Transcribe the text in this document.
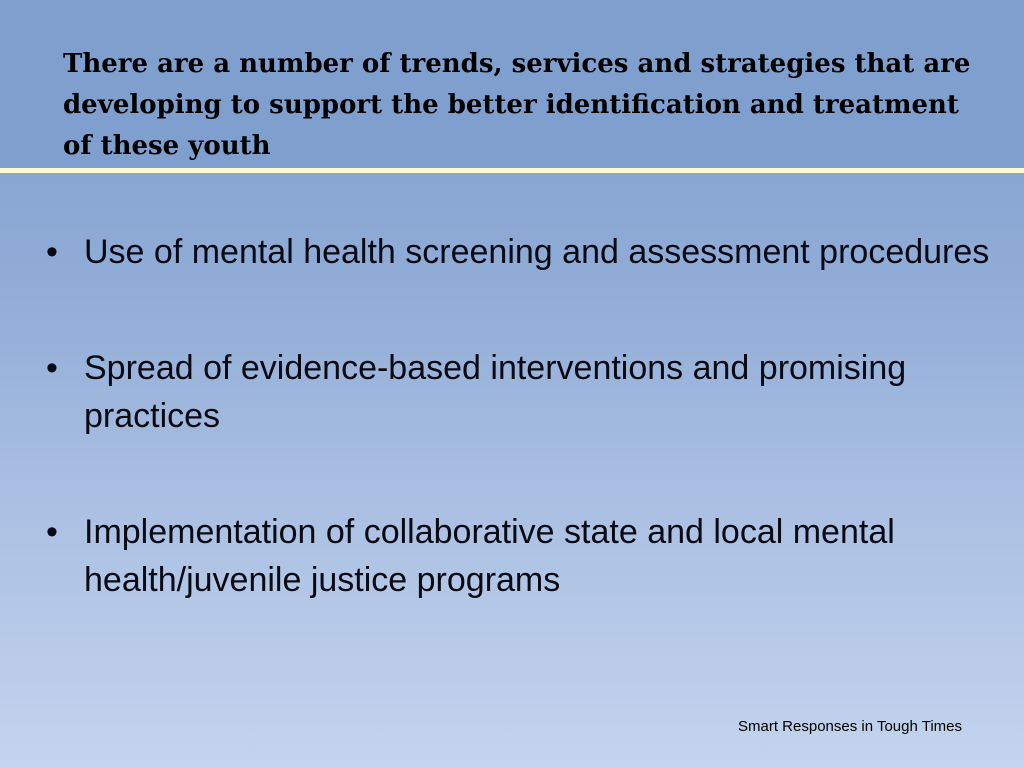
There are a number of trends, services and strategies that are developing to support the better identification and treatment of these youth
• Use of mental health screening and assessment procedures
• Spread of evidence-based interventions and promising practices
• Implementation of collaborative state and local mental health/juvenile justice programs
Smart Responses in Tough Times
